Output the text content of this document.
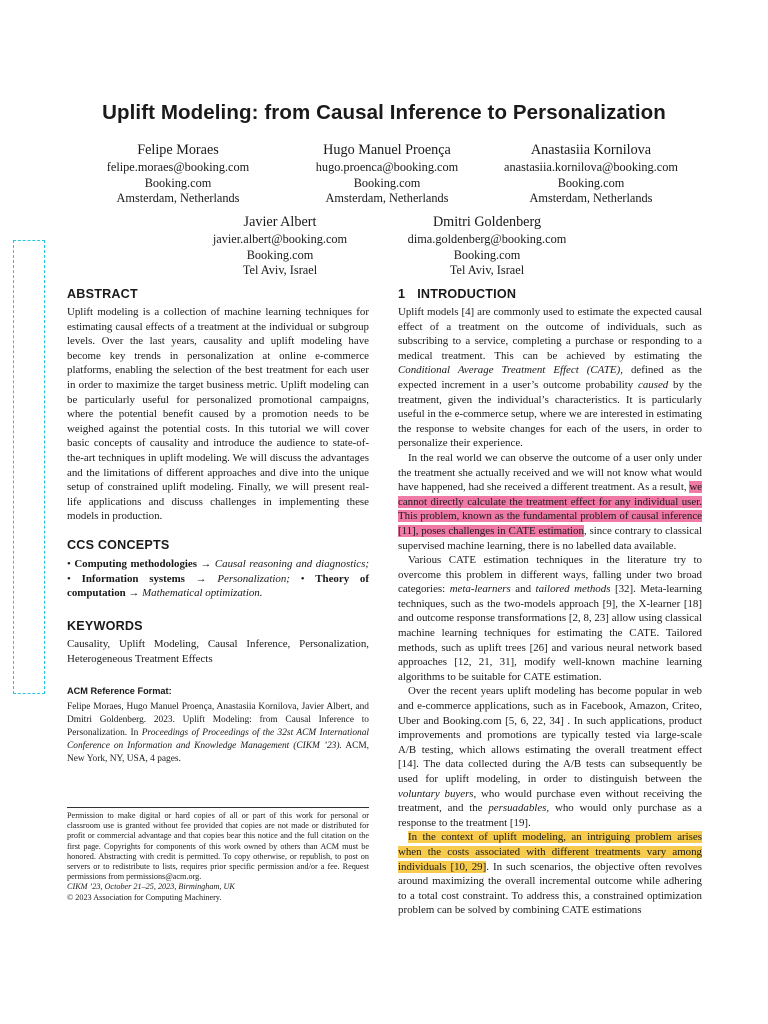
Uplift Modeling: from Causal Inference to Personalization
Felipe Moraes
felipe.moraes@booking.com
Booking.com
Amsterdam, Netherlands
Hugo Manuel Proença
hugo.proenca@booking.com
Booking.com
Amsterdam, Netherlands
Anastasiia Kornilova
anastasiia.kornilova@booking.com
Booking.com
Amsterdam, Netherlands
Javier Albert
javier.albert@booking.com
Booking.com
Tel Aviv, Israel
Dmitri Goldenberg
dima.goldenberg@booking.com
Booking.com
Tel Aviv, Israel
ABSTRACT

Uplift modeling is a collection of machine learning techniques for estimating causal effects of a treatment at the individual or subgroup levels. Over the last years, causality and uplift modeling have become key trends in personalization at online e-commerce platforms, enabling the selection of the best treatment for each user in order to maximize the target business metric. Uplift modeling can be particularly useful for personalized promotional campaigns, where the potential benefit caused by a promotion needs to be weighed against the potential costs. In this tutorial we will cover basic concepts of causality and introduce the audience to state-of-the-art techniques in uplift modeling. We will discuss the advantages and the limitations of different approaches and dive into the unique setup of constrained uplift modeling. Finally, we will present real-life applications and discuss challenges in implementing these models in production.

CCS CONCEPTS

• Computing methodologies → Causal reasoning and diagnostics; • Information systems → Personalization; • Theory of computation → Mathematical optimization.

KEYWORDS

Causality, Uplift Modeling, Causal Inference, Personalization, Heterogeneous Treatment Effects

ACM Reference Format:

Felipe Moraes, Hugo Manuel Proença, Anastasiia Kornilova, Javier Albert, and Dmitri Goldenberg. 2023. Uplift Modeling: from Causal Inference to Personalization. In Proceedings of Proceedings of the 32st ACM International Conference on Information and Knowledge Management (CIKM ’23). ACM, New York, NY, USA, 4 pages.

Permission to make digital or hard copies of all or part of this work for personal or classroom use is granted without fee provided that copies are not made or distributed for profit or commercial advantage and that copies bear this notice and the full citation on the first page. Copyrights for components of this work owned by others than ACM must be honored. Abstracting with credit is permitted. To copy otherwise, or republish, to post on servers or to redistribute to lists, requires prior specific permission and/or a fee. Request permissions from permissions@acm.org.

CIKM ’23, October 21–25, 2023, Birmingham, UK

© 2023 Association for Computing Machinery.

1 INTRODUCTION

Uplift models [4] are commonly used to estimate the expected causal effect of a treatment on the outcome of individuals, such as subscribing to a service, completing a purchase or responding to a medical treatment. This can be achieved by estimating the Conditional Average Treatment Effect (CATE), defined as the expected increment in a user’s outcome probability caused by the treatment, given the individual’s characteristics. It is particularly useful in the e-commerce setup, where we are interested in estimating the response to website changes for each of the users, in order to personalize their experience.

In the real world we can observe the outcome of a user only under the treatment she actually received and we will not know what would have happened, had she received a different treatment. As a result, we cannot directly calculate the treatment effect for any individual user. This problem, known as the fundamental problem of causal inference [11], poses challenges in CATE estimation, since contrary to classical supervised machine learning, there is no labelled data available.

Various CATE estimation techniques in the literature try to overcome this problem in different ways, falling under two broad categories: meta-learners and tailored methods [32]. Meta-learning techniques, such as the two-models approach [9], the X-learner [18] and outcome response transformations [2, 8, 23] allow using classical machine learning techniques for estimating the CATE. Tailored methods, such as uplift trees [26] and various neural network based approaches [12, 21, 31], modify well-known machine learning algorithms to be suitable for CATE estimation.

Over the recent years uplift modeling has become popular in web and e-commerce applications, such as in Facebook, Amazon, Criteo, Uber and Booking.com [5, 6, 22, 34] . In such applications, product improvements and promotions are typically tested via large-scale A/B testing, which allows estimating the overall treatment effect [14]. The data collected during the A/B tests can subsequently be used for uplift modeling, in order to distinguish between the voluntary buyers, who would purchase even without receiving the treatment, and the persuadables, who would only purchase as a response to the treatment [19].

In the context of uplift modeling, an intriguing problem arises when the costs associated with different treatments vary among individuals [10, 29]. In such scenarios, the objective often revolves around maximizing the overall incremental outcome while adhering to a total cost constraint. To address this, a constrained optimization problem can be solved by combining CATE estimations
